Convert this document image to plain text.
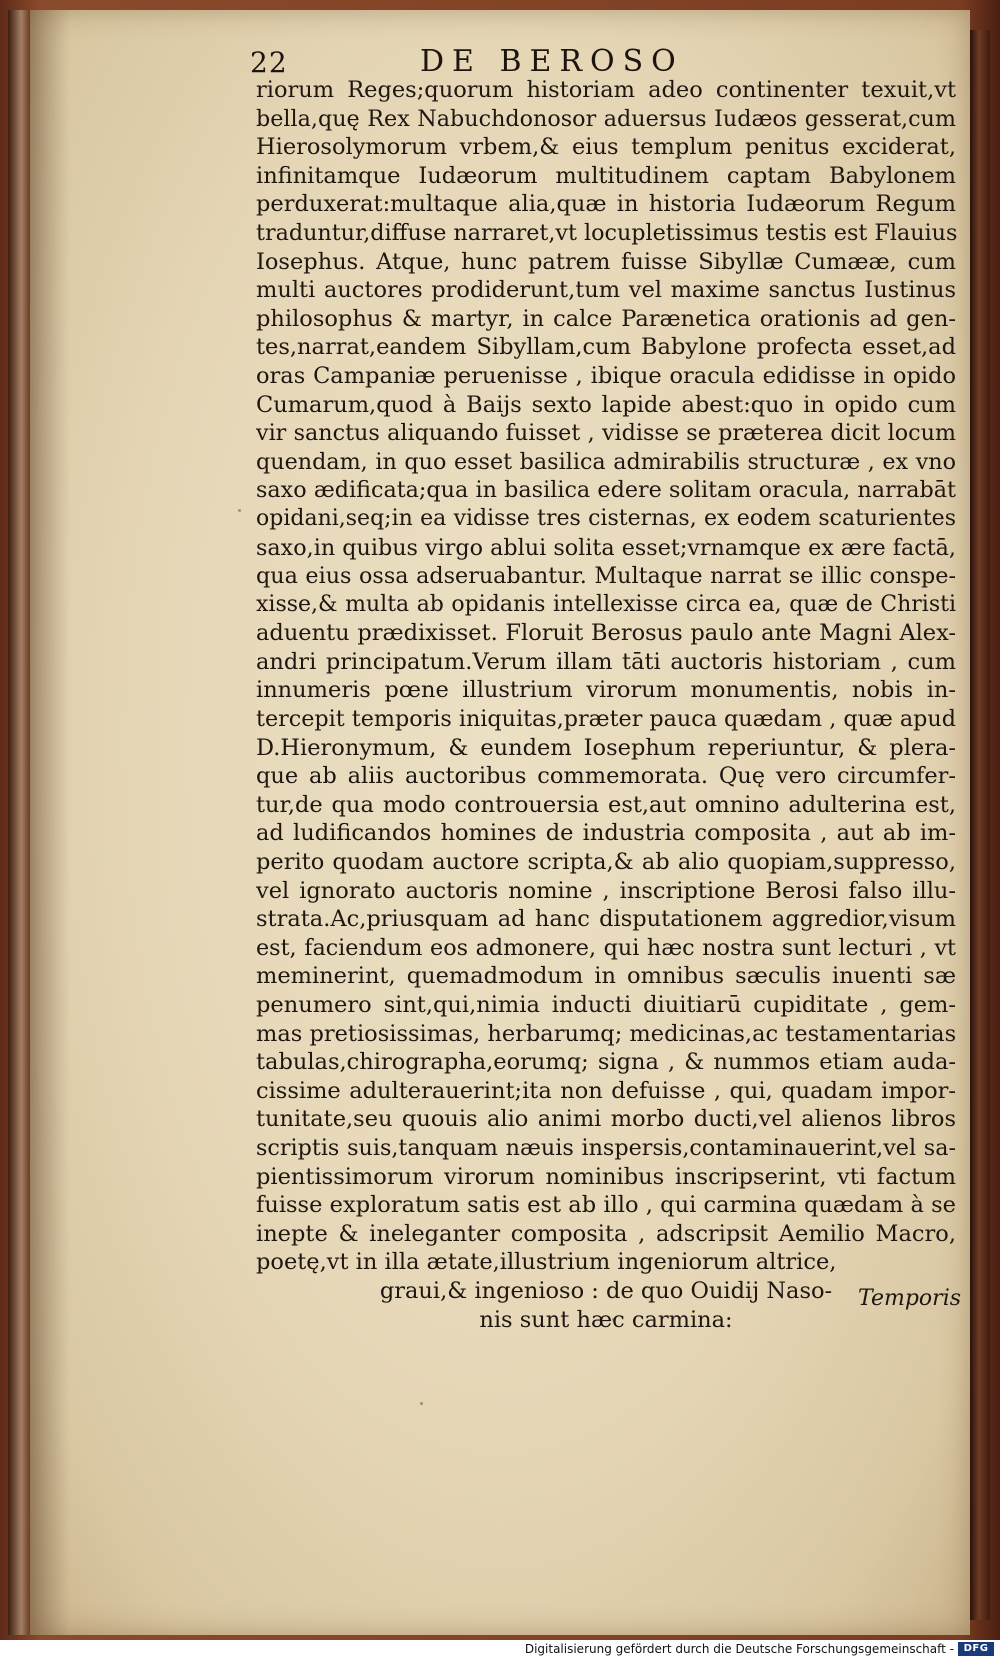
22	DE BEROSO
riorum Reges;quorum historiam adeo continenter texuit,vt
bella,quę Rex Nabuchdonosor aduersus Iudæos gesserat,cum
Hierosolymorum vrbem,& eius templum penitus exciderat,
infinitamque Iudæorum multitudinem captam Babylonem
perduxerat:multaque alia,quæ in historia Iudæorum Regum
traduntur,diffuse narraret,vt locupletissimus testis est Flauius
Iosephus. Atque, hunc patrem fuisse Sibyllæ Cumææ, cum
multi auctores prodiderunt,tum vel maxime sanctus Iustinus
philosophus & martyr, in calce Parænetica orationis ad gen-
tes,narrat,eandem Sibyllam,cum Babylone profecta esset,ad
oras Campaniæ peruenisse , ibique oracula edidisse in opido
Cumarum,quod à Baijs sexto lapide abest:quo in opido cum
vir sanctus aliquando fuisset , vidisse se præterea dicit locum
quendam, in quo esset basilica admirabilis structuræ , ex vno
saxo ædificata;qua in basilica edere solitam oracula, narrabāt
opidani,seq;in ea vidisse tres cisternas, ex eodem scaturientes
saxo,in quibus virgo ablui solita esset;vrnamque ex ære factā,
qua eius ossa adseruabantur. Multaque narrat se illic conspe-
xisse,& multa ab opidanis intellexisse circa ea, quæ de Christi
aduentu prædixisset. Floruit Berosus paulo ante Magni Alex-
andri principatum.Verum illam tāti auctoris historiam , cum
innumeris pœne illustrium virorum monumentis, nobis in-
tercepit temporis iniquitas,præter pauca quædam , quæ apud
D.Hieronymum, & eundem Iosephum reperiuntur, & plera-
que ab aliis auctoribus commemorata. Quę vero circumfer-
tur,de qua modo controuersia est,aut omnino adulterina est,
ad ludificandos homines de industria composita , aut ab im-
perito quodam auctore scripta,& ab alio quopiam,suppresso,
vel ignorato auctoris nomine , inscriptione Berosi falso illu-
strata.Ac,priusquam ad hanc disputationem aggredior,visum
est, faciendum eos admonere, qui hæc nostra sunt lecturi , vt
meminerint, quemadmodum in omnibus sæculis inuenti sæ
penumero sint,qui,nimia inducti diuitiarū cupiditate , gem-
mas pretiosissimas, herbarumq; medicinas,ac testamentarias
tabulas,chirographa,eorumq; signa , & nummos etiam auda-
cissime adulterauerint;ita non defuisse , qui, quadam impor-
tunitate,seu quouis alio animi morbo ducti,vel alienos libros
scriptis suis,tanquam næuis inspersis,contaminauerint,vel sa-
pientissimorum virorum nominibus inscripserint, vti factum
fuisse exploratum satis est ab illo , qui carmina quædam à se
inepte & ineleganter composita , adscripsit Aemilio Macro,
poetę,vt in illa ætate,illustrium ingeniorum altrice,
graui,& ingenioso : de quo Ouidij Naso-
nis sunt hæc carmina:
Temporis
Digitalisierung gefördert durch die Deutsche Forschungsgemeinschaft - DFG
